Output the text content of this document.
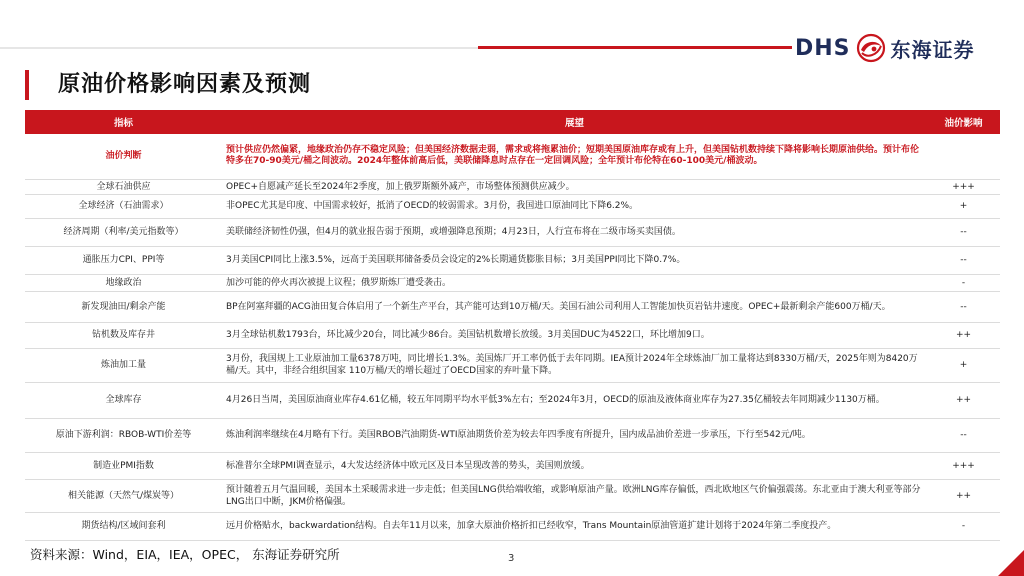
DHS 东海证券
原油价格影响因素及预测
指标	展望	油价影响
油价判断	预计供应仍然偏紧，地缘政治仍存不稳定风险；但美国经济数据走弱，需求或将拖累油价；短期美国原油库存或有上升，但美国钻机数持续下降将影响长期原油供给。预计布伦特多在70-90美元/桶之间波动。2024年整体前高后低，美联储降息时点存在一定回调风险；全年预计布伦特在60-100美元/桶波动。	
全球石油供应	OPEC+自愿减产延长至2024年2季度，加上俄罗斯额外减产，市场整体预测供应减少。	+++
全球经济（石油需求）	非OPEC尤其是印度、中国需求较好，抵消了OECD的较弱需求。3月份，我国进口原油同比下降6.2%。	+
经济周期（利率/美元指数等）	美联储经济韧性仍强，但4月的就业报告弱于预期，或增强降息预期；4月23日，人行宣布将在二级市场买卖国债。	--
通胀压力CPI、PPI等	3月美国CPI同比上涨3.5%，远高于美国联邦储备委员会设定的2%长期通货膨胀目标；3月美国PPI同比下降0.7%。	--
地缘政治	加沙可能的停火再次被提上议程；俄罗斯炼厂遭受袭击。	-
新发现油田/剩余产能	BP在阿塞拜疆的ACG油田复合体启用了一个新生产平台，其产能可达到10万桶/天。美国石油公司利用人工智能加快页岩钻井速度。OPEC+最新剩余产能600万桶/天。	--
钻机数及库存井	3月全球钻机数1793台，环比减少20台，同比减少86台。美国钻机数增长放缓。3月美国DUC为4522口，环比增加9口。	++
炼油加工量	3月份，我国规上工业原油加工量6378万吨，同比增长1.3%。美国炼厂开工率仍低于去年同期。IEA预计2024年全球炼油厂加工量将达到8330万桶/天，2025年则为8420万桶/天。其中，非经合组织国家 110万桶/天的增长超过了OECD国家的弃叶量下降。	+
全球库存	4月26日当周，美国原油商业库存4.61亿桶，较五年同期平均水平低3%左右；至2024年3月，OECD的原油及液体商业库存为27.35亿桶较去年同期减少1130万桶。	++
原油下游利润：RBOB-WTI价差等	炼油利润率继续在4月略有下行。美国RBOB汽油期货-WTI原油期货价差为较去年四季度有所提升，国内成品油价差进一步承压，下行至542元/吨。	--
制造业PMI指数	标准普尔全球PMI调查显示，4大发达经济体中欧元区及日本呈现改善的势头，美国则放缓。	+++
相关能源（天然气/煤炭等）	预计随着五月气温回暖，美国本土采暖需求进一步走低；但美国LNG供给端收缩，或影响原油产量。欧洲LNG库存偏低，西北欧地区气价偏强震荡。东北亚由于澳大利亚等部分LNG出口中断，JKM价格偏强。	++
期货结构/区域间套利	远月价格贴水，backwardation结构。自去年11月以来，加拿大原油价格折扣已经收窄，Trans Mountain原油管道扩建计划将于2024年第二季度投产。	-
资料来源：Wind，EIA，IEA，OPEC， 东海证券研究所	3
